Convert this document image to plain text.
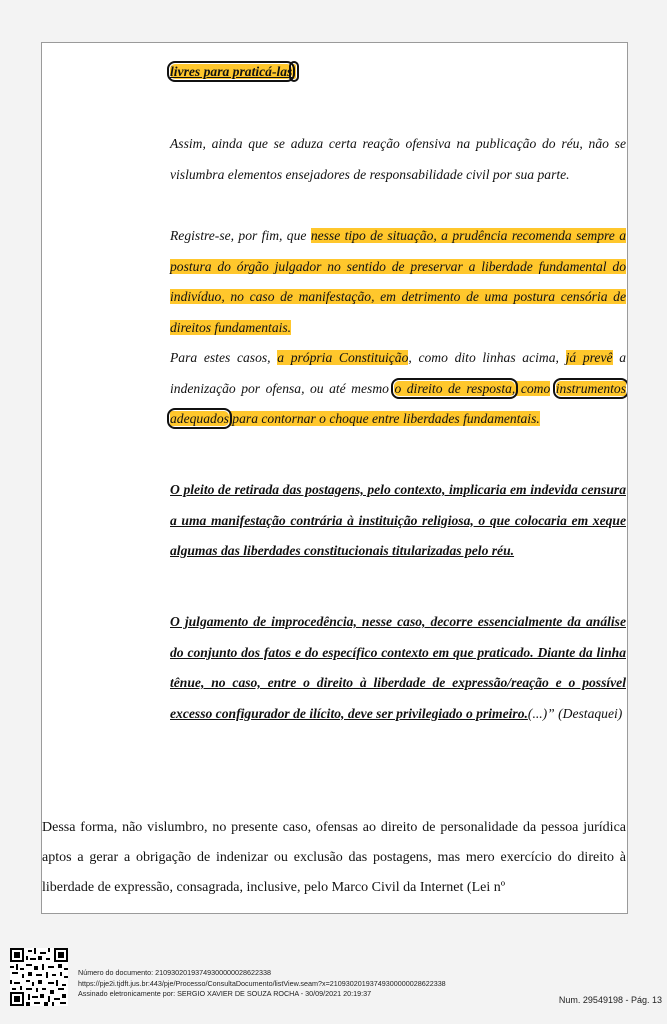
livres para praticá-las.

Assim, ainda que se aduza certa reação ofensiva na publicação do réu, não se vislumbra elementos ensejadores de responsabilidade civil por sua parte.

Registre-se, por fim, que nesse tipo de situação, a prudência recomenda sempre a postura do órgão julgador no sentido de preservar a liberdade fundamental do indivíduo, no caso de manifestação, em detrimento de uma postura censória de direitos fundamentais.

Para estes casos, a própria Constituição, como dito linhas acima, já prevê a indenização por ofensa, ou até mesmo o direito de resposta, como instrumentos adequados para contornar o choque entre liberdades fundamentais.

O pleito de retirada das postagens, pelo contexto, implicaria em indevida censura a uma manifestação contrária à instituição religiosa, o que colocaria em xeque algumas das liberdades constitucionais titularizadas pelo réu.

O julgamento de improcedência, nesse caso, decorre essencialmente da análise do conjunto dos fatos e do específico contexto em que praticado. Diante da linha tênue, no caso, entre o direito à liberdade de expressão/reação e o possível excesso configurador de ilícito, deve ser privilegiado o primeiro.(...)” (Destaquei)

Dessa forma, não vislumbro, no presente caso, ofensas ao direito de personalidade da pessoa jurídica aptos a gerar a obrigação de indenizar ou exclusão das postagens, mas mero exercício do direito à liberdade de expressão, consagrada, inclusive, pelo Marco Civil da Internet (Lei nº

Número do documento: 21093020193749300000028622338
https://pje2i.tjdft.jus.br:443/pje/Processo/ConsultaDocumento/listView.seam?x=21093020193749300000028622338
Assinado eletronicamente por: SERGIO XAVIER DE SOUZA ROCHA - 30/09/2021 20:19:37
Num. 29549198 - Pág. 13
